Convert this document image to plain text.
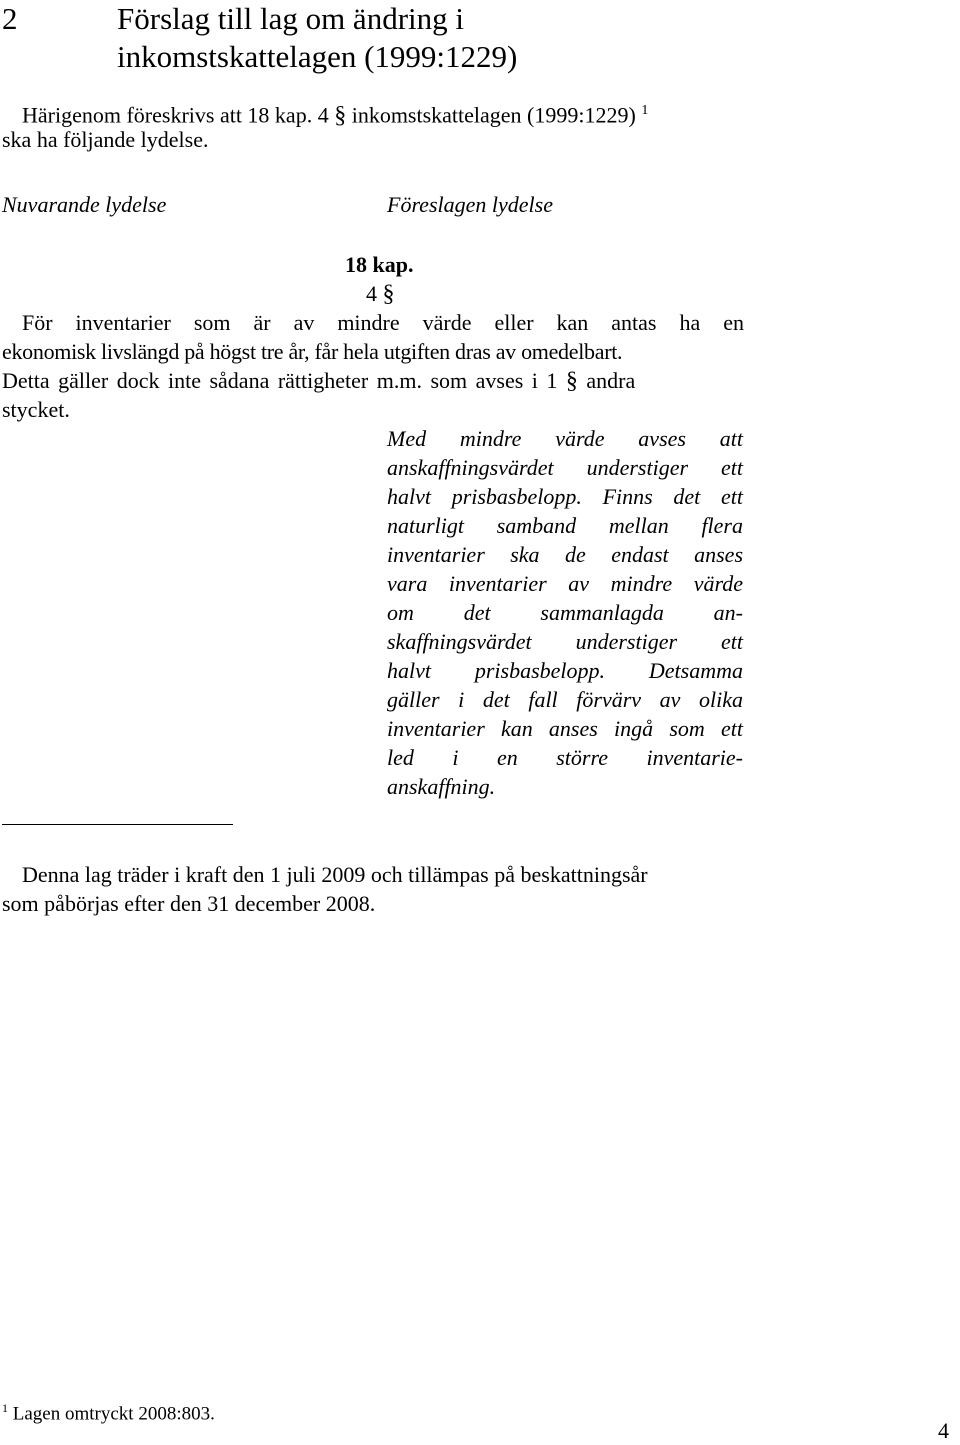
2	Förslag till lag om ändring i
inkomstskattelagen (1999:1229)
Härigenom föreskrivs att 18 kap. 4 § inkomstskattelagen (1999:1229) $^1$
ska ha följande lydelse.
Nuvarande lydelse	Föreslagen lydelse
18 kap.
4 §
För inventarier som är av mindre värde eller kan antas ha en
ekonomisk livslängd på högst tre år, får hela utgiften dras av omedelbart.
Detta gäller dock inte sådana rättigheter m.m. som avses i 1 § andra
stycket.
Med mindre värde avses att
anskaffningsvärdet understiger ett
halvt prisbasbelopp. Finns det ett
naturligt samband mellan flera
inventarier ska de endast anses
vara inventarier av mindre värde
om det sammanlagda an-
skaffningsvärdet understiger ett
halvt prisbasbelopp. Detsamma
gäller i det fall förvärv av olika
inventarier kan anses ingå som ett
led i en större inventarie-
anskaffning.
Denna lag träder i kraft den 1 juli 2009 och tillämpas på beskattningsår
som påbörjas efter den 31 december 2008.
$^1$ Lagen omtryckt 2008:803.
4
